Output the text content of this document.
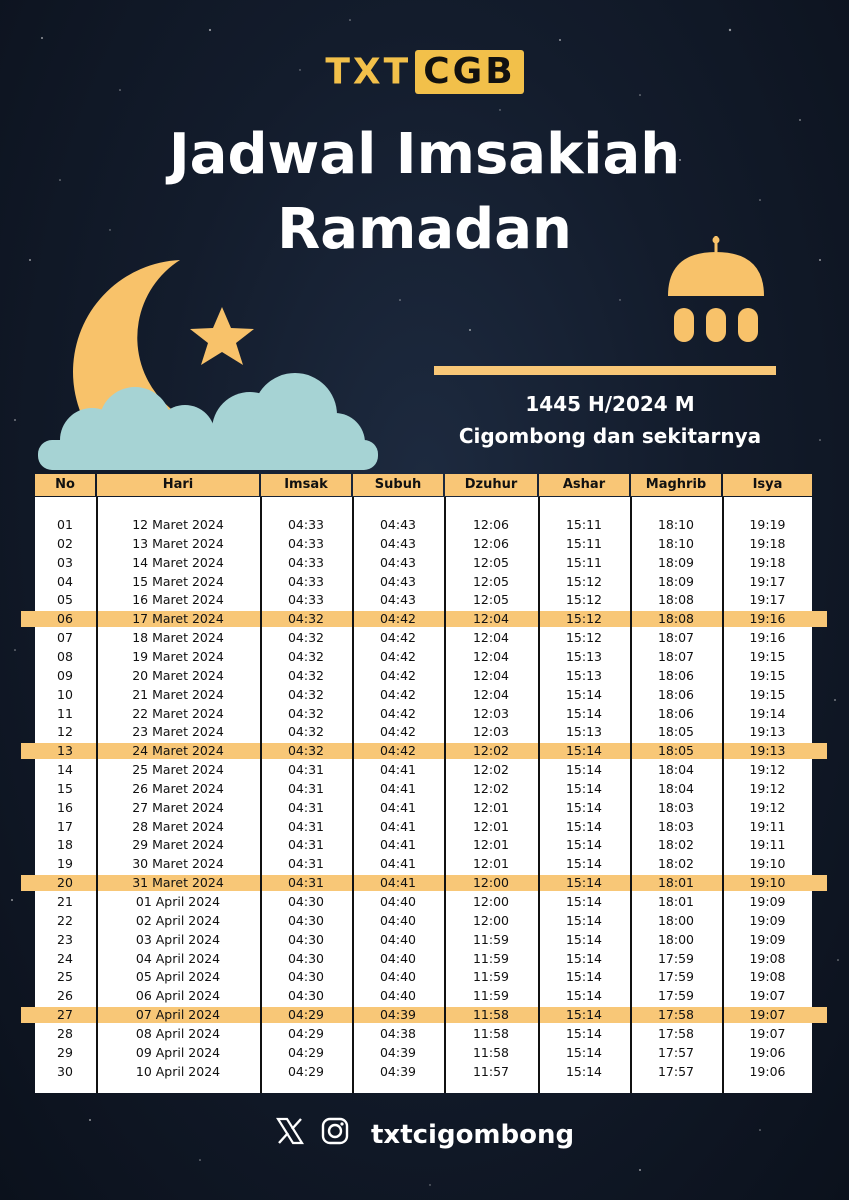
TXT CGB
Jadwal Imsakiah
Ramadan
1445 H/2024 M
Cigombong dan sekitarnya
No	Hari	Imsak	Subuh	Dzuhur	Ashar	Maghrib	Isya
01	12 Maret 2024	04:33	04:43	12:06	15:11	18:10	19:19
02	13 Maret 2024	04:33	04:43	12:06	15:11	18:10	19:18
03	14 Maret 2024	04:33	04:43	12:05	15:11	18:09	19:18
04	15 Maret 2024	04:33	04:43	12:05	15:12	18:09	19:17
05	16 Maret 2024	04:33	04:43	12:05	15:12	18:08	19:17
06	17 Maret 2024	04:32	04:42	12:04	15:12	18:08	19:16
07	18 Maret 2024	04:32	04:42	12:04	15:12	18:07	19:16
08	19 Maret 2024	04:32	04:42	12:04	15:13	18:07	19:15
09	20 Maret 2024	04:32	04:42	12:04	15:13	18:06	19:15
10	21 Maret 2024	04:32	04:42	12:04	15:14	18:06	19:15
11	22 Maret 2024	04:32	04:42	12:03	15:14	18:06	19:14
12	23 Maret 2024	04:32	04:42	12:03	15:13	18:05	19:13
13	24 Maret 2024	04:32	04:42	12:02	15:14	18:05	19:13
14	25 Maret 2024	04:31	04:41	12:02	15:14	18:04	19:12
15	26 Maret 2024	04:31	04:41	12:02	15:14	18:04	19:12
16	27 Maret 2024	04:31	04:41	12:01	15:14	18:03	19:12
17	28 Maret 2024	04:31	04:41	12:01	15:14	18:03	19:11
18	29 Maret 2024	04:31	04:41	12:01	15:14	18:02	19:11
19	30 Maret 2024	04:31	04:41	12:01	15:14	18:02	19:10
20	31 Maret 2024	04:31	04:41	12:00	15:14	18:01	19:10
21	01 April 2024	04:30	04:40	12:00	15:14	18:01	19:09
22	02 April 2024	04:30	04:40	12:00	15:14	18:00	19:09
23	03 April 2024	04:30	04:40	11:59	15:14	18:00	19:09
24	04 April 2024	04:30	04:40	11:59	15:14	17:59	19:08
25	05 April 2024	04:30	04:40	11:59	15:14	17:59	19:08
26	06 April 2024	04:30	04:40	11:59	15:14	17:59	19:07
27	07 April 2024	04:29	04:39	11:58	15:14	17:58	19:07
28	08 April 2024	04:29	04:38	11:58	15:14	17:58	19:07
29	09 April 2024	04:29	04:39	11:58	15:14	17:57	19:06
30	10 April 2024	04:29	04:39	11:57	15:14	17:57	19:06
txtcigombong
